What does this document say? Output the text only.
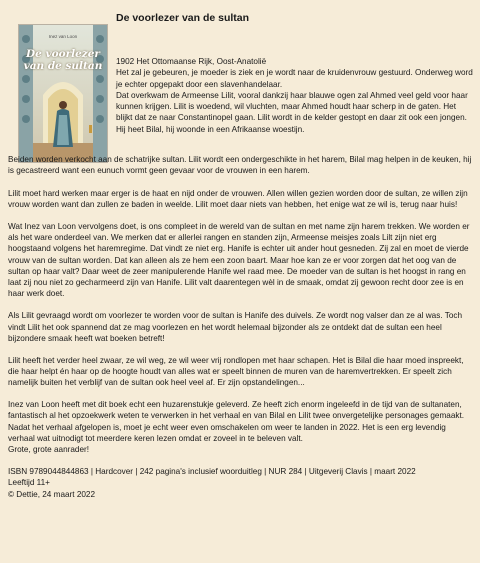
Inez van Loon
De voorlezer
van de sultan
De voorlezer van de sultan

1902 Het Ottomaanse Rijk, Oost-Anatolië

Het zal je gebeuren, je moeder is ziek en je wordt naar de kruidenvrouw gestuurd. Onderweg word je echter opgepakt door een slavenhandelaar.

Dat overkwam de Armeense Lilit, vooral dankzij haar blauwe ogen zal Ahmed veel geld voor haar kunnen krijgen. Lilit is woedend, wil vluchten, maar Ahmed houdt haar scherp in de gaten. Het blijkt dat ze naar Constantinopel gaan. Lilit wordt in de kelder gestopt en daar zit ook een jongen. Hij heet Bilal, hij woonde in een Afrikaanse woestijn.

Beiden worden verkocht aan de schatrijke sultan. Lilit wordt een ondergeschikte in het harem, Bilal mag helpen in de keuken, hij is gecastreerd want een eunuch vormt geen gevaar voor de vrouwen in een harem.

Lilit moet hard werken maar erger is de haat en nijd onder de vrouwen. Allen willen gezien worden door de sultan, ze willen zijn vrouw worden want dan zullen ze baden in weelde. Lilit moet daar niets van hebben, het enige wat ze wil is, terug naar huis!

Wat Inez van Loon vervolgens doet, is ons compleet in de wereld van de sultan en met name zijn harem trekken. We worden er als het ware onderdeel van. We merken dat er allerlei rangen en standen zijn, Armeense meisjes zoals Lilt zijn niet erg hoogstaand volgens het haremregime. Dat vindt ze niet erg. Hanife is echter uit ander hout gesneden. Zij zal en moet de vierde vrouw van de sultan worden. Dat kan alleen als ze hem een zoon baart. Maar hoe kan ze er voor zorgen dat het oog van de sultan op haar valt? Daar weet de zeer manipulerende Hanife wel raad mee. De moeder van de sultan is het hoogst in rang en laat zij nou niet zo gecharmeerd zijn van Hanife. Lilit valt daarentegen wèl in de smaak, omdat zij gewoon recht door zee is en haar werk doet.

Als Lilit gevraagd wordt om voorlezer te worden voor de sultan is Hanife des duivels. Ze wordt nog valser dan ze al was. Toch vindt Lilit het ook spannend dat ze mag voorlezen en het wordt helemaal bijzonder als ze ontdekt dat de sultan een heel bijzondere smaak heeft wat boeken betreft!

Lilit heeft het verder heel zwaar, ze wil weg, ze wil weer vrij rondlopen met haar schapen. Het is Bilal die haar moed inspreekt, die haar helpt én haar op de hoogte houdt van alles wat er speelt binnen de muren van de haremvertrekken. Er speelt zich namelijk buiten het verblijf van de sultan ook heel veel af. Er zijn opstandelingen...

Inez van Loon heeft met dit boek echt een huzarenstukje geleverd. Ze heeft zich enorm ingeleefd in de tijd van de sultanaten, fantastisch al het opzoekwerk weten te verwerken in het verhaal en van Bilal en Lilit twee onvergetelijke personages gemaakt. Nadat het verhaal afgelopen is, moet je echt weer even omschakelen om weer te landen in 2022. Het is een erg levendig verhaal wat uitnodigt tot meerdere keren lezen omdat er zoveel in te beleven valt.
Grote, grote aanrader!

ISBN 9789044844863 | Hardcover | 242 pagina's inclusief woorduitleg | NUR 284 | Uitgeverij Clavis | maart 2022

Leeftijd 11+

© Dettie, 24 maart 2022
